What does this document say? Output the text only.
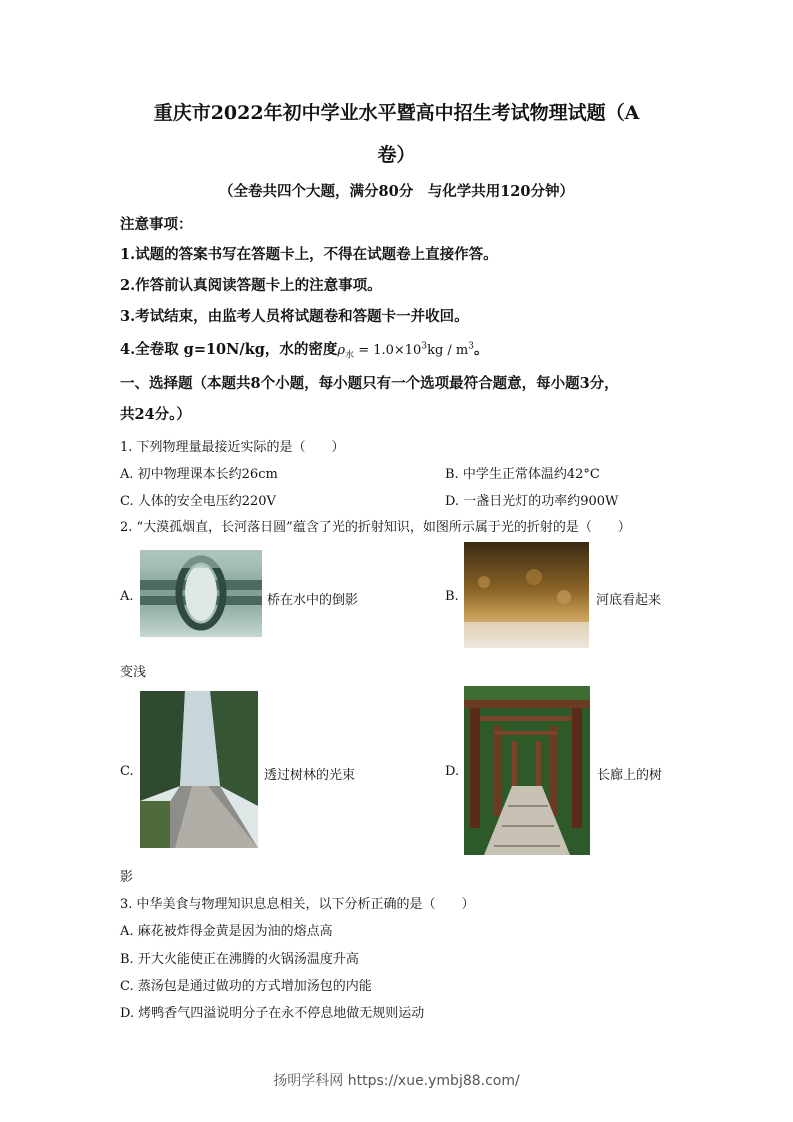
重庆市2022年初中学业水平暨高中招生考试物理试题（A
卷）
（全卷共四个大题，满分80分　与化学共用120分钟）
注意事项：
1.试题的答案书写在答题卡上，不得在试题卷上直接作答。
2.作答前认真阅读答题卡上的注意事项。
3.考试结束，由监考人员将试题卷和答题卡一并收回。
4.全卷取 g=10N/kg，水的密度$\rho_水 = 1.0\times 10^3kg / m^3$。
一、选择题（本题共8个小题，每小题只有一个选项最符合题意，每小题3分，
共24分。）
1. 下列物理量最接近实际的是（　　）
A. 初中物理课本长约26cm	B. 中学生正常体温约42°C
C. 人体的安全电压约220V	D. 一盏日光灯的功率约900W
2. “大漠孤烟直，长河落日圆”蕴含了光的折射知识，如图所示属于光的折射的是（　　）
A.	桥在水中的倒影	B.	河底看起来
变浅
C.	透过树林的光束	D.	长廊上的树
影
3. 中华美食与物理知识息息相关，以下分析正确的是（　　）
A. 麻花被炸得金黄是因为油的熔点高
B. 开大火能使正在沸腾的火锅汤温度升高
C. 蒸汤包是通过做功的方式增加汤包的内能
D. 烤鸭香气四溢说明分子在永不停息地做无规则运动
扬明学科网 https://xue.ymbj88.com/
